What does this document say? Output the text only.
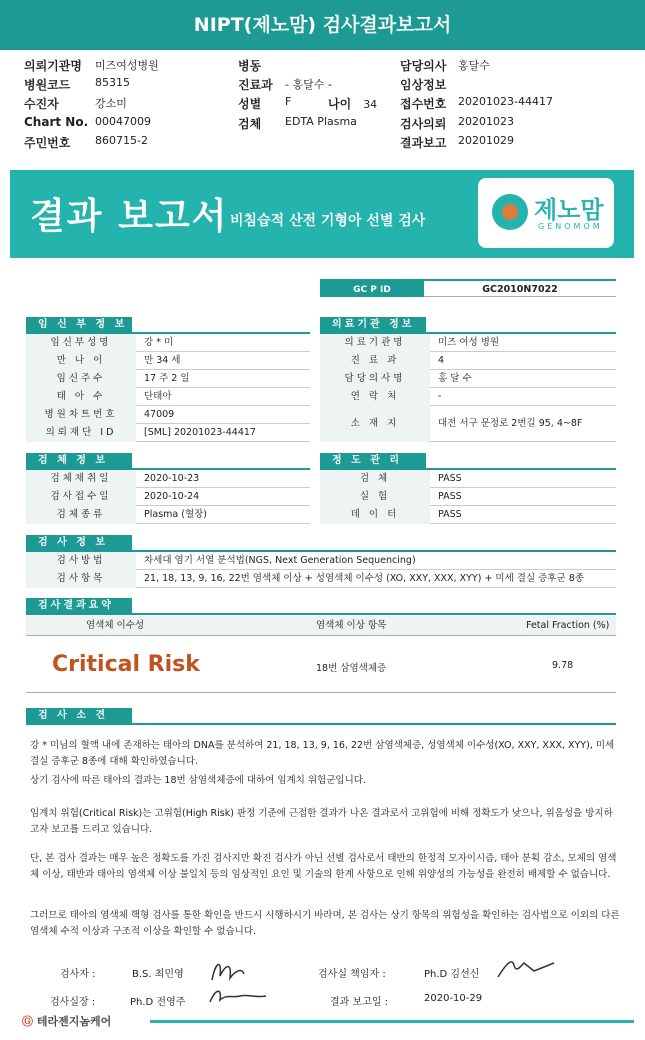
NIPT(제노맘) 검사결과보고서
의뢰기관명 미즈여성병원
병원코드 85315
수진자	강소미
Chart No. 00047009
주민번호 860715-2
병동
진료과 - 홍달수 -
성별 F
검체 EDTA Plasma
나이 34
담당의사 홍달수
임상정보
접수번호 20201023-44417
검사의뢰 20201023
결과보고 20201029
결과 보고서 비침습적 산전 기형아 선별 검사	제노맘
GENOMOM
GC P ID	GC2010N7022
임 신 부 정 보	의료기관 정보
임신부성명	강 * 미
만 나 이	만 34 세
임신주수	17 주 2 일
태 아 수	단태아
병원차트번호	47009
의뢰재단 ID	[SML] 20201023-44417
의료기관명	미즈 여성 병원
진 료 과	4
담당의사명	홍 달 수
연 락 처	-
소 재 지	대전 서구 문정로 2번길 95, 4~8F
검 체 정 보	정 도 관 리
검체채취일	2020-10-23
검사접수일	2020-10-24
검체종류	Plasma (혈장)
검 체	PASS
실 험	PASS
데 이 터	PASS
검 사 정 보
검사방법	차세대 염기 서열 분석법(NGS, Next Generation Sequencing)
검사항목	21, 18, 13, 9, 16, 22번 염색체 이상 + 성염색체 이수성 (XO, XXY, XXX, XYY) + 미세 결실 증후군 8종
검사결과요약
염색체 이수성	염색체 이상 항목	Fetal Fraction (%)
Critical Risk	18번 삼염색체증	9.78
검 사 소 견
강 * 미님의 혈액 내에 존재하는 태아의 DNA를 분석하여 21, 18, 13, 9, 16, 22번 삼염색체증, 성염색체 이수성(XO, XXY, XXX, XYY), 미세 결실 증후군 8종에 대해 확인하였습니다.
상기 검사에 따른 태아의 결과는 18번 삼염색체증에 대하여 임계치 위험군입니다.
임계치 위험(Critical Risk)는 고위험(High Risk) 판정 기준에 근접한 결과가 나온 결과로서 고위험에 비해 정확도가 낮으나, 위음성을 방지하고자 보고를 드리고 있습니다.
단, 본 검사 결과는 매우 높은 정확도를 가진 검사지만 확진 검사가 아닌 선별 검사로서 태반의 한정적 모자이시즘, 태아 분획 감소, 모체의 염색체 이상, 태반과 태아의 염색체 이상 불일치 등의 임상적인 요인 및 기술의 한계 사항으로 인해 위양성의 가능성을 완전히 배제할 수 없습니다.
그러므로 태아의 염색체 핵형 검사를 통한 확인을 반드시 시행하시기 바라며, 본 검사는 상기 항목의 위험성을 확인하는 검사법으로 이외의 다른 염색체 수적 이상과 구조적 이상을 확인할 수 없습니다.
검사자 :	B.S. 최민영	검사실 책임자 :	Ph.D 김선신
검사실장 :	Ph.D 전영주	결과 보고일 :	2020-10-29
Ⓖ 테라젠지놈케어
